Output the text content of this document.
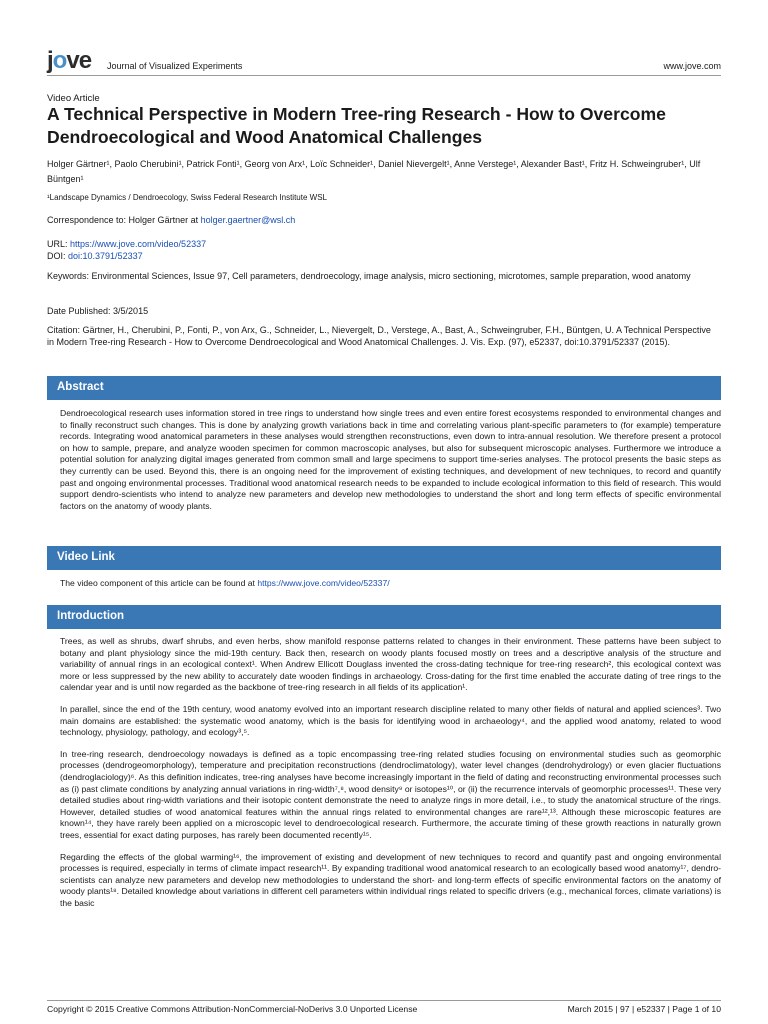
jove Journal of Visualized Experiments	www.jove.com
Video Article
A Technical Perspective in Modern Tree-ring Research - How to Overcome Dendroecological and Wood Anatomical Challenges
Holger Gärtner¹, Paolo Cherubini¹, Patrick Fonti¹, Georg von Arx¹, Loïc Schneider¹, Daniel Nievergelt¹, Anne Verstege¹, Alexander Bast¹, Fritz H. Schweingruber¹, Ulf Büntgen¹
¹Landscape Dynamics / Dendroecology, Swiss Federal Research Institute WSL
Correspondence to: Holger Gärtner at holger.gaertner@wsl.ch
URL: https://www.jove.com/video/52337
DOI: doi:10.3791/52337
Keywords: Environmental Sciences, Issue 97, Cell parameters, dendroecology, image analysis, micro sectioning, microtomes, sample preparation, wood anatomy
Date Published: 3/5/2015
Citation: Gärtner, H., Cherubini, P., Fonti, P., von Arx, G., Schneider, L., Nievergelt, D., Verstege, A., Bast, A., Schweingruber, F.H., Büntgen, U. A Technical Perspective in Modern Tree-ring Research - How to Overcome Dendroecological and Wood Anatomical Challenges. J. Vis. Exp. (97), e52337, doi:10.3791/52337 (2015).
Abstract

Dendroecological research uses information stored in tree rings to understand how single trees and even entire forest ecosystems responded to environmental changes and to finally reconstruct such changes. This is done by analyzing growth variations back in time and correlating various plant-specific parameters to (for example) temperature records. Integrating wood anatomical parameters in these analyses would strengthen reconstructions, even down to intra-annual resolution. We therefore present a protocol on how to sample, prepare, and analyze wooden specimen for common macroscopic analyses, but also for subsequent microscopic analyses. Furthermore we introduce a potential solution for analyzing digital images generated from common small and large specimens to support time-series analyses. The protocol presents the basic steps as they currently can be used. Beyond this, there is an ongoing need for the improvement of existing techniques, and development of new techniques, to record and quantify past and ongoing environmental processes. Traditional wood anatomical research needs to be expanded to include ecological information to this field of research. This would support dendro-scientists who intend to analyze new parameters and develop new methodologies to understand the short and long term effects of specific environmental factors on the anatomy of woody plants.

Video Link
The video component of this article can be found at https://www.jove.com/video/52337/
Introduction

Trees, as well as shrubs, dwarf shrubs, and even herbs, show manifold response patterns related to changes in their environment. These patterns have been subject to botany and plant physiology since the mid-19th century. Back then, research on woody plants focused mostly on trees and a descriptive analysis of the structure and variability of annual rings in an ecological context¹. When Andrew Ellicott Douglass invented the cross-dating technique for tree-ring research², this ecological context was more or less suppressed by the new ability to accurately date wooden findings in archaeology. Cross-dating for the first time enabled the accurate dating of tree rings to the calendar year and is until now regarded as the backbone of tree-ring research in all fields of its application¹.

In parallel, since the end of the 19th century, wood anatomy evolved into an important research discipline related to many other fields of natural and applied sciences³. Two main domains are established: the systematic wood anatomy, which is the basis for identifying wood in archaeology⁴, and the applied wood anatomy, related to wood technology, physiology, pathology, and ecology³,⁵.

In tree-ring research, dendroecology nowadays is defined as a topic encompassing tree-ring related studies focusing on environmental studies such as geomorphic processes (dendrogeomorphology), temperature and precipitation reconstructions (dendroclimatology), water level changes (dendrohydrology) or even glacier fluctuations (dendroglaciology)⁶. As this definition indicates, tree-ring analyses have become increasingly important in the field of dating and reconstructing environmental processes such as (i) past climate conditions by analyzing annual variations in ring-width⁷,⁸, wood density⁹ or isotopes¹⁰, or (ii) the recurrence intervals of geomorphic processes¹¹. These very detailed studies about ring-width variations and their isotopic content demonstrate the need to analyze rings in more detail, i.e., to study the anatomical structure of the rings. However, detailed studies of wood anatomical features within the annual rings related to environmental changes are rare¹²,¹³. Although these microscopic features are known¹⁴, they have rarely been applied on a microscopic level to dendroecological research. Furthermore, the accurate timing of these growth reactions in naturally grown trees, essential for exact dating purposes, has rarely been documented recently¹⁵.

Regarding the effects of the global warming¹⁶, the improvement of existing and development of new techniques to record and quantify past and ongoing environmental processes is required, especially in terms of climate impact research¹¹. By expanding traditional wood anatomical research to an ecologically based wood anatomy¹⁷, dendro-scientists can analyze new parameters and develop new methodologies to understand the short- and long-term effects of specific environmental factors on the anatomy of woody plants¹⁸. Detailed knowledge about variations in different cell parameters within individual rings related to specific drivers (e.g., mechanical forces, climate variations) is the basic

Copyright © 2015 Creative Commons Attribution-NonCommercial-NoDerivs 3.0 Unported License	March 2015 | 97 | e52337 | Page 1 of 10
